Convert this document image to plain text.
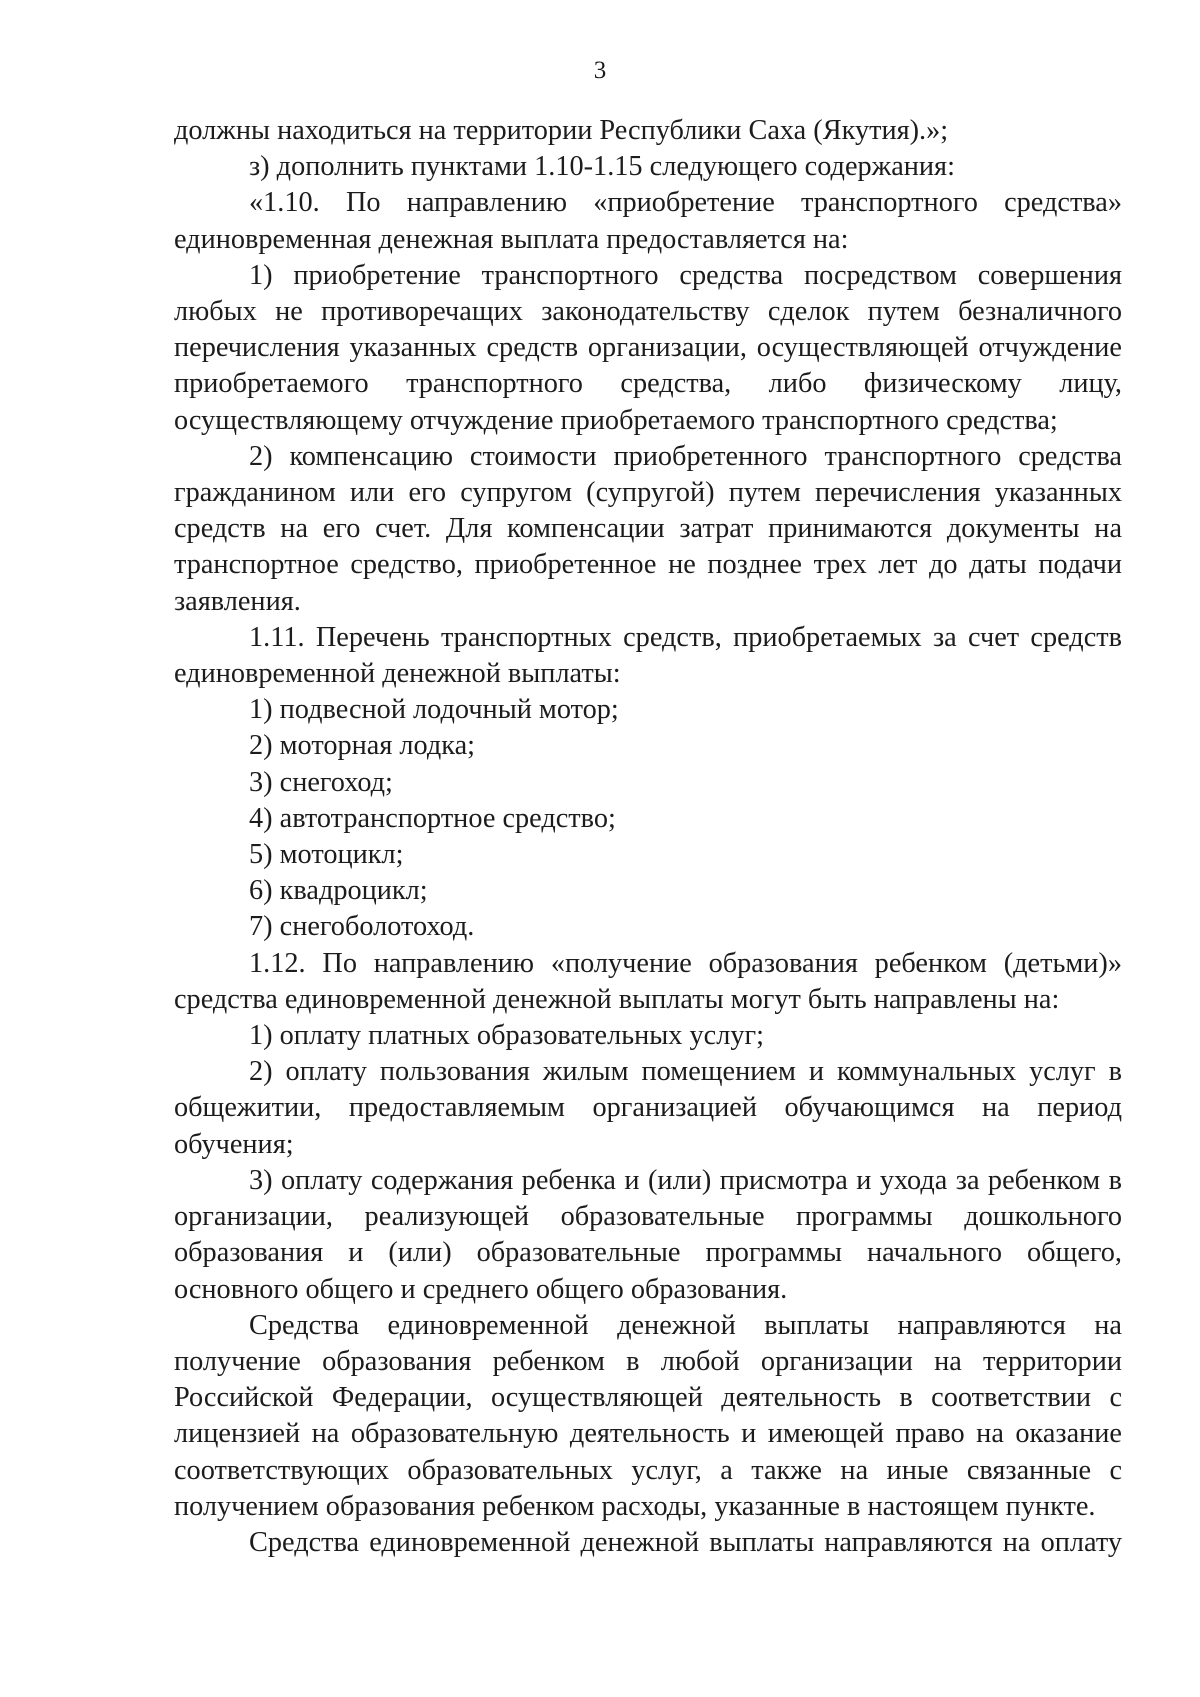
3

должны находиться на территории Республики Саха (Якутия).»;

з) дополнить пунктами 1.10-1.15 следующего содержания:

«1.10. По направлению «приобретение транспортного средства» единовременная денежная выплата предоставляется на:

1) приобретение транспортного средства посредством совершения любых не противоречащих законодательству сделок путем безналичного перечисления указанных средств организации, осуществляющей отчуждение приобретаемого транспортного средства, либо физическому лицу, осуществляющему отчуждение приобретаемого транспортного средства;

2) компенсацию стоимости приобретенного транспортного средства гражданином или его супругом (супругой) путем перечисления указанных средств на его счет. Для компенсации затрат принимаются документы на транспортное средство, приобретенное не позднее трех лет до даты подачи заявления.

1.11. Перечень транспортных средств, приобретаемых за счет средств единовременной денежной выплаты:

1) подвесной лодочный мотор;

2) моторная лодка;

3) снегоход;

4) автотранспортное средство;

5) мотоцикл;

6) квадроцикл;

7) снегоболотоход.

1.12. По направлению «получение образования ребенком (детьми)» средства единовременной денежной выплаты могут быть направлены на:

1) оплату платных образовательных услуг;

2) оплату пользования жилым помещением и коммунальных услуг в общежитии, предоставляемым организацией обучающимся на период обучения;

3) оплату содержания ребенка и (или) присмотра и ухода за ребенком в организации, реализующей образовательные программы дошкольного образования и (или) образовательные программы начального общего, основного общего и среднего общего образования.

Средства единовременной денежной выплаты направляются на получение образования ребенком в любой организации на территории Российской Федерации, осуществляющей деятельность в соответствии с лицензией на образовательную деятельность и имеющей право на оказание соответствующих образовательных услуг, а также на иные связанные с получением образования ребенком расходы, указанные в настоящем пункте.

Средства единовременной денежной выплаты направляются на оплату
